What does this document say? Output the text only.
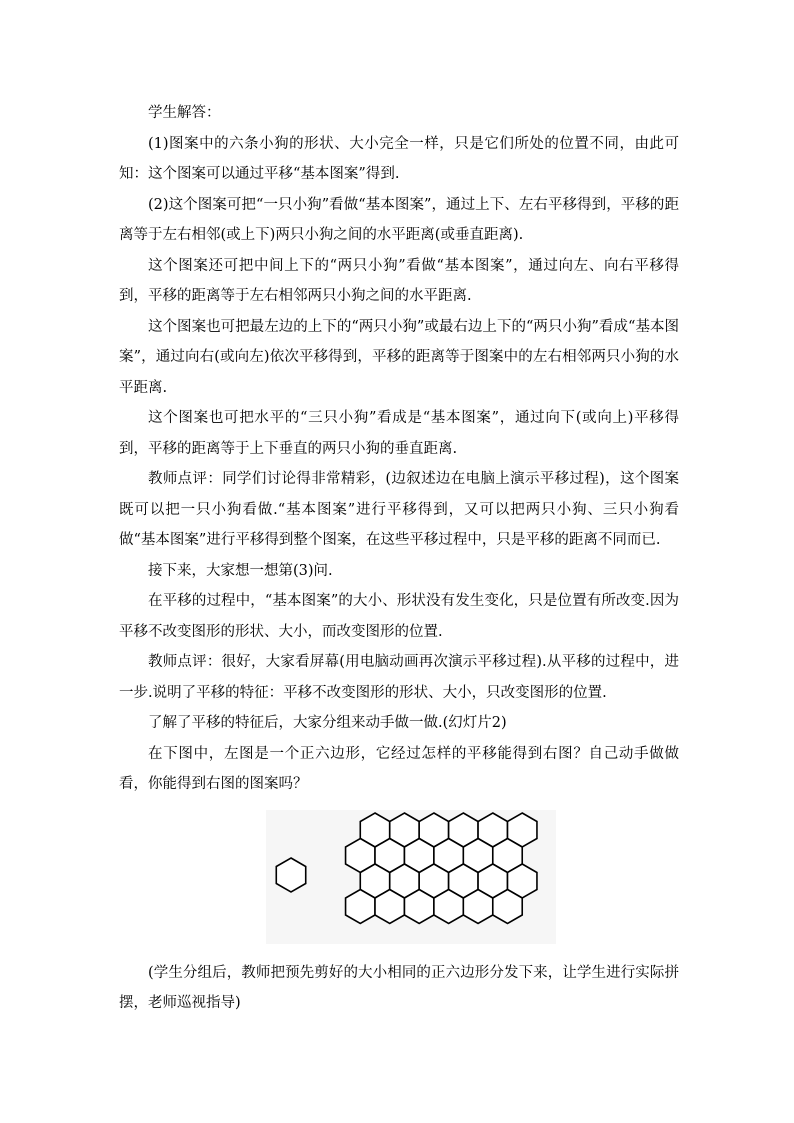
学生解答：

(1)图案中的六条小狗的形状、大小完全一样，只是它们所处的位置不同，由此可知：这个图案可以通过平移“基本图案”得到.

(2)这个图案可把“一只小狗”看做“基本图案”，通过上下、左右平移得到，平移的距离等于左右相邻(或上下)两只小狗之间的水平距离(或垂直距离).

这个图案还可把中间上下的“两只小狗”看做“基本图案”，通过向左、向右平移得到，平移的距离等于左右相邻两只小狗之间的水平距离.

这个图案也可把最左边的上下的“两只小狗”或最右边上下的“两只小狗”看成“基本图案”，通过向右(或向左)依次平移得到，平移的距离等于图案中的左右相邻两只小狗的水平距离.

这个图案也可把水平的“三只小狗”看成是“基本图案”，通过向下(或向上)平移得到，平移的距离等于上下垂直的两只小狗的垂直距离.

教师点评：同学们讨论得非常精彩，(边叙述边在电脑上演示平移过程)，这个图案既可以把一只小狗看做.“基本图案”进行平移得到，又可以把两只小狗、三只小狗看做“基本图案”进行平移得到整个图案，在这些平移过程中，只是平移的距离不同而已.

接下来，大家想一想第(3)问.

在平移的过程中，“基本图案”的大小、形状没有发生变化，只是位置有所改变.因为平移不改变图形的形状、大小，而改变图形的位置.

教师点评：很好，大家看屏幕(用电脑动画再次演示平移过程).从平移的过程中，进一步.说明了平移的特征：平移不改变图形的形状、大小，只改变图形的位置.

了解了平移的特征后，大家分组来动手做一做.(幻灯片2)

在下图中，左图是一个正六边形，它经过怎样的平移能得到右图？自己动手做做看，你能得到右图的图案吗？

(学生分组后，教师把预先剪好的大小相同的正六边形分发下来，让学生进行实际拼摆，老师巡视指导)
